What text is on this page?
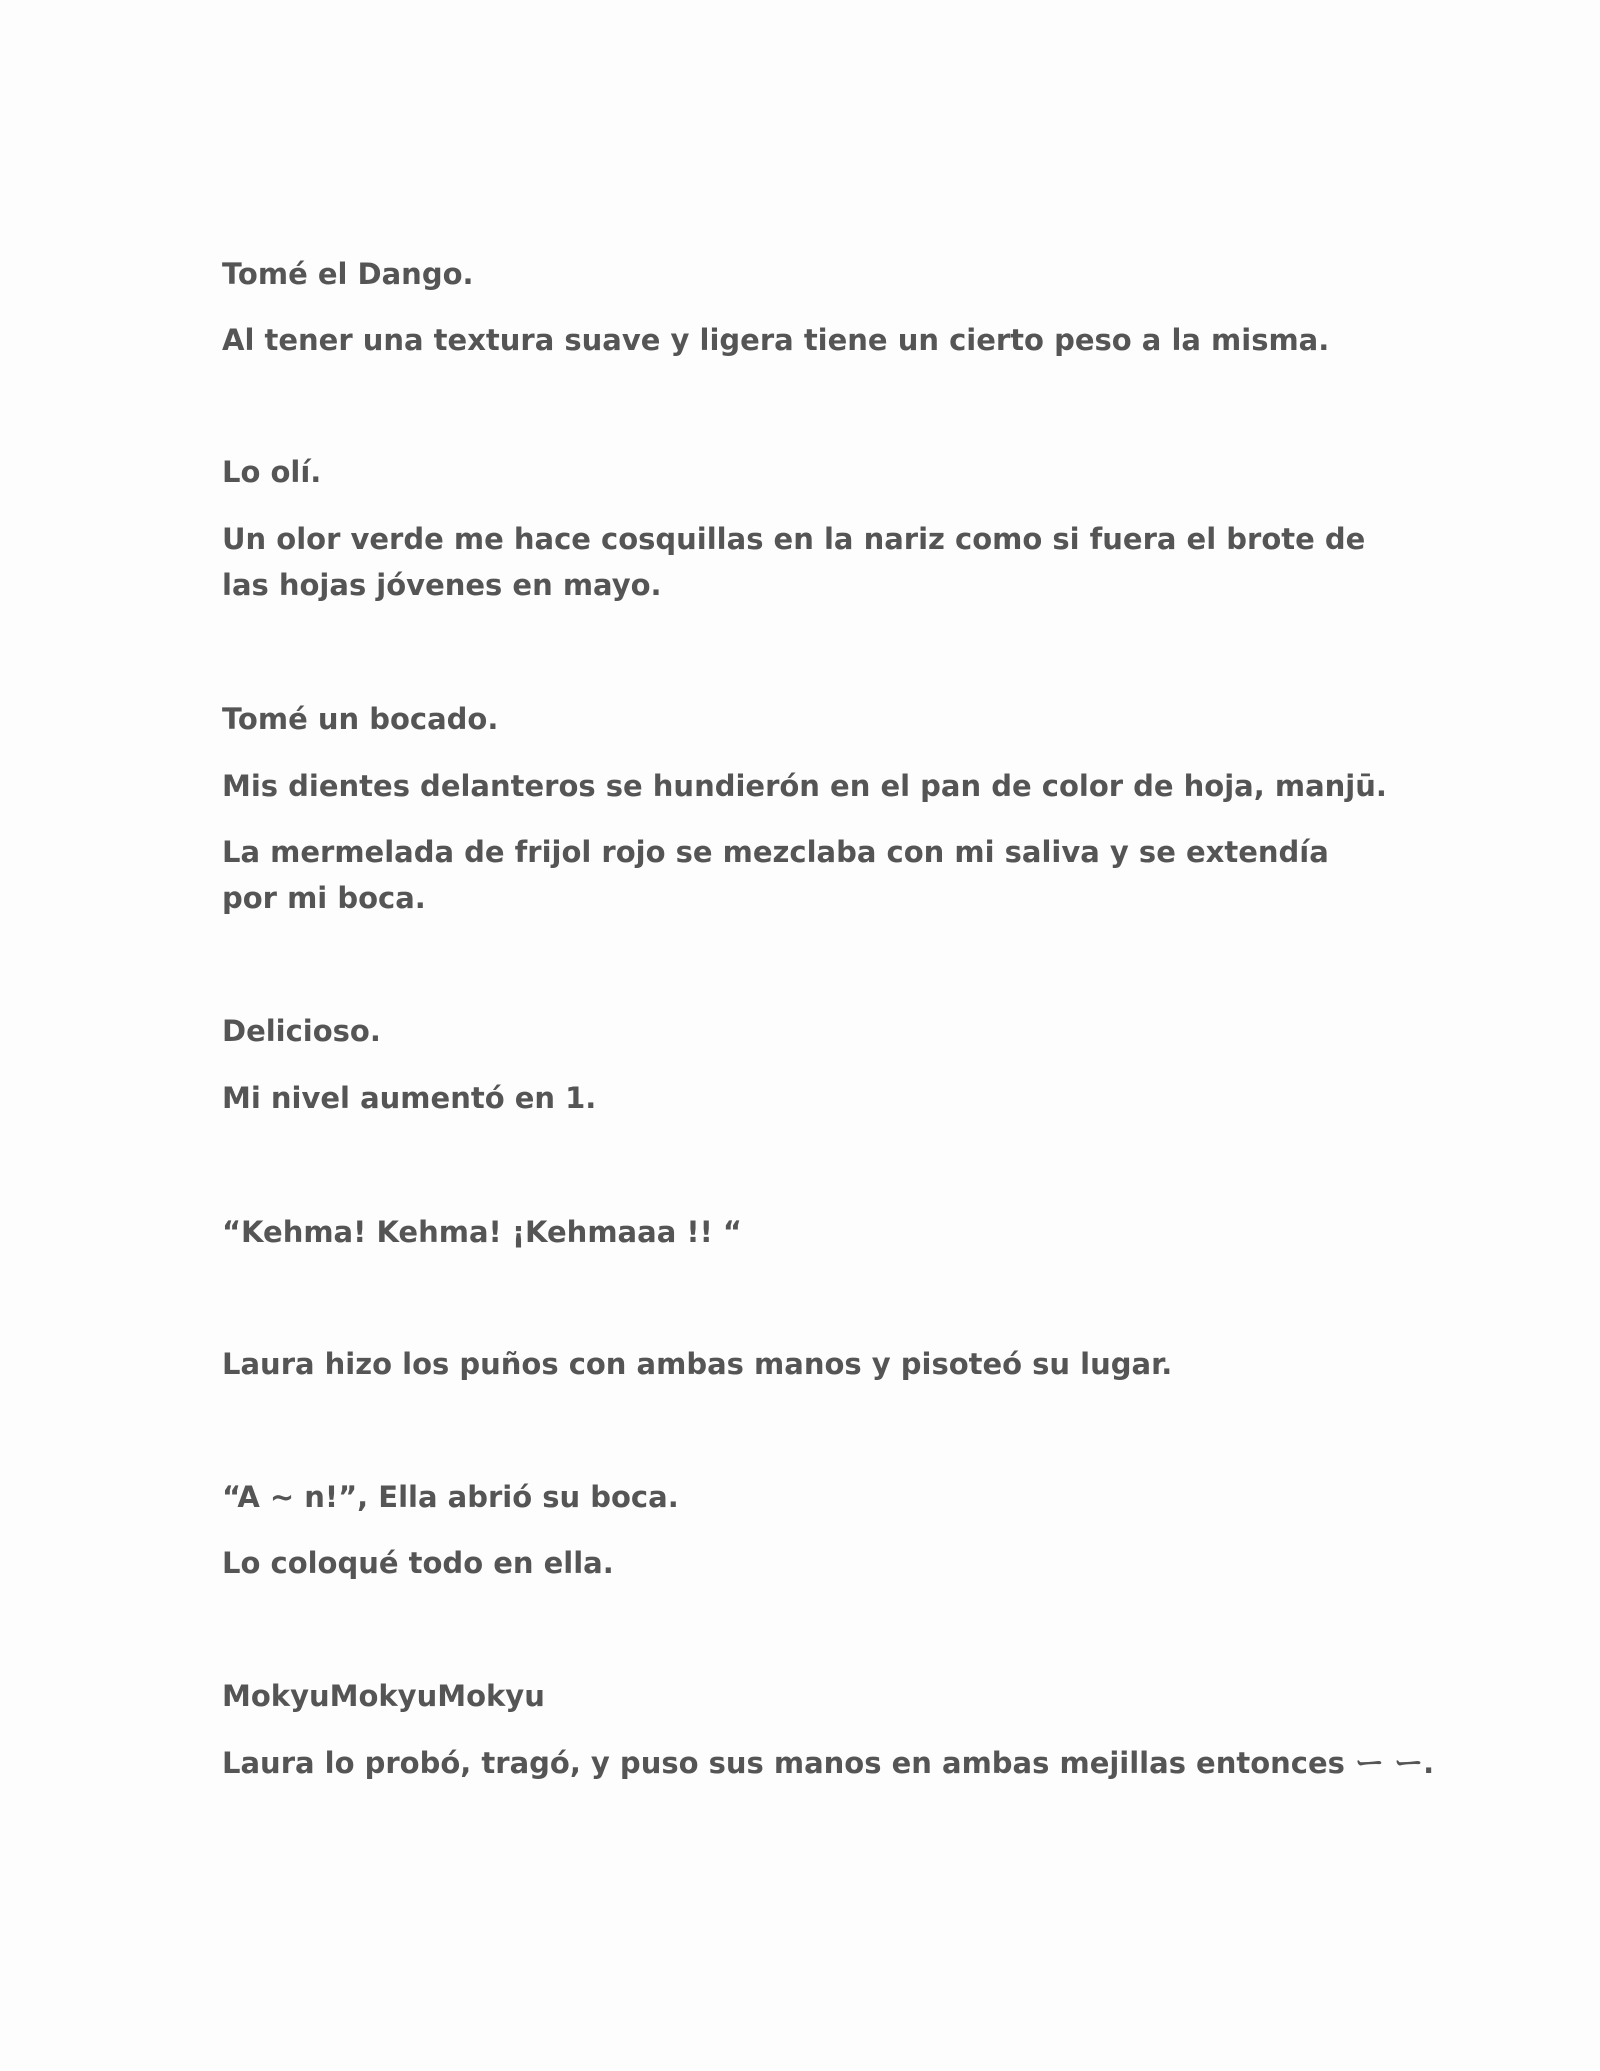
Tomé el Dango.

Al tener una textura suave y ligera tiene un cierto peso a la misma.

Lo olí.

Un olor verde me hace cosquillas en la nariz como si fuera el brote de las hojas jóvenes en mayo.

Tomé un bocado.

Mis dientes delanteros se hundierón en el pan de color de hoja, manjū.

La mermelada de frijol rojo se mezclaba con mi saliva y se extendía por mi boca.

Delicioso.

Mi nivel aumentó en 1.

“Kehma! Kehma! ¡Kehmaaa !! “

Laura hizo los puños con ambas manos y pisoteó su lugar.

“A ~ n!”, Ella abrió su boca.

Lo coloqué todo en ella.

MokyuMokyuMokyu

Laura lo probó, tragó, y puso sus manos en ambas mejillas entonces ー ー.
